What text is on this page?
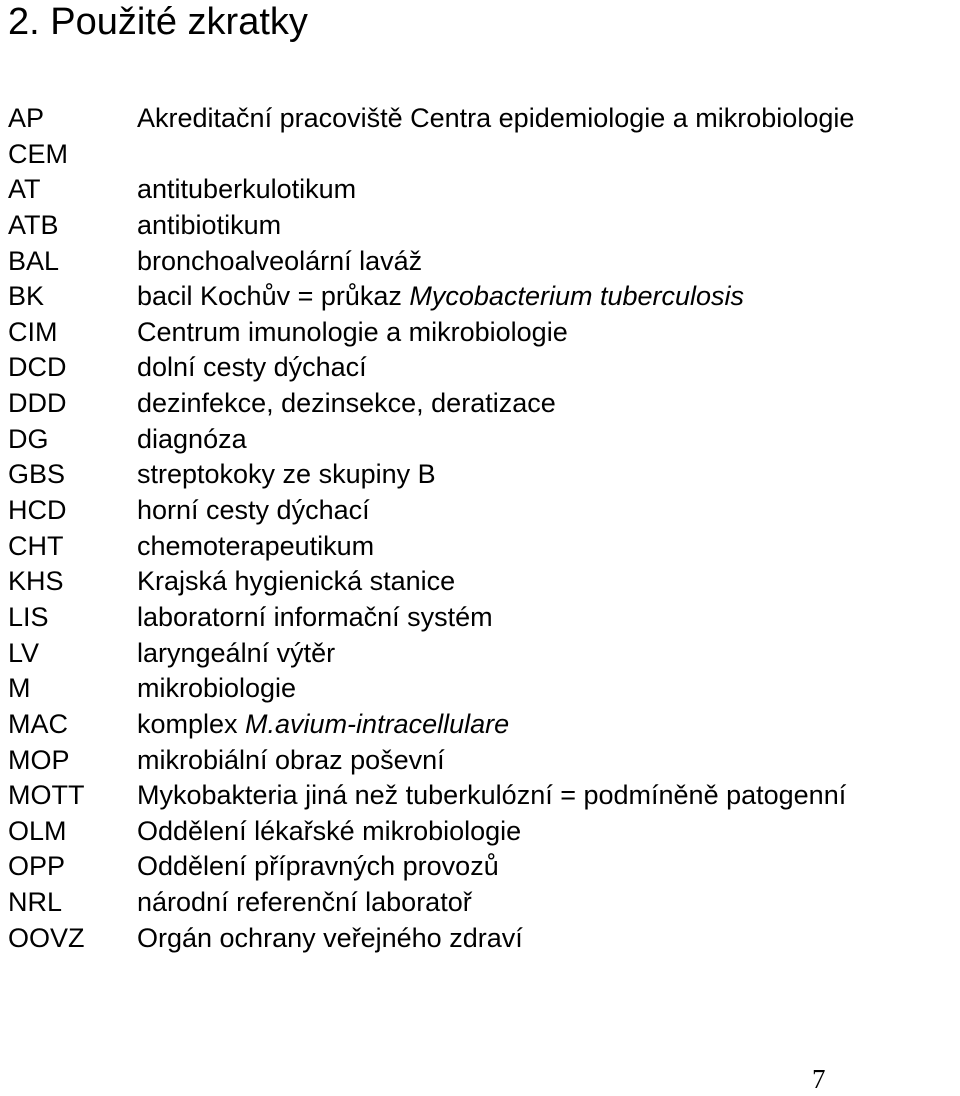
2. Použité zkratky
AP	Akreditační pracoviště Centra epidemiologie a mikrobiologie
CEM
AT	antituberkulotikum
ATB	antibiotikum
BAL	bronchoalveolární laváž
BK	bacil Kochův = průkaz Mycobacterium tuberculosis
CIM	Centrum imunologie a mikrobiologie
DCD	dolní cesty dýchací
DDD	dezinfekce, dezinsekce, deratizace
DG	diagnóza
GBS	streptokoky ze skupiny B
HCD	horní cesty dýchací
CHT	chemoterapeutikum
KHS	Krajská hygienická stanice
LIS	laboratorní informační systém
LV	laryngeální výtěr
M	mikrobiologie
MAC	komplex M.avium-intracellulare
MOP mikrobiální obraz poševní
MOTT Mykobakteria jiná než tuberkulózní = podmíněně patogenní
OLM	Oddělení lékařské mikrobiologie
OPP	Oddělení přípravných provozů
NRL	národní referenční laboratoř
OOVZ Orgán ochrany veřejného zdraví
7
